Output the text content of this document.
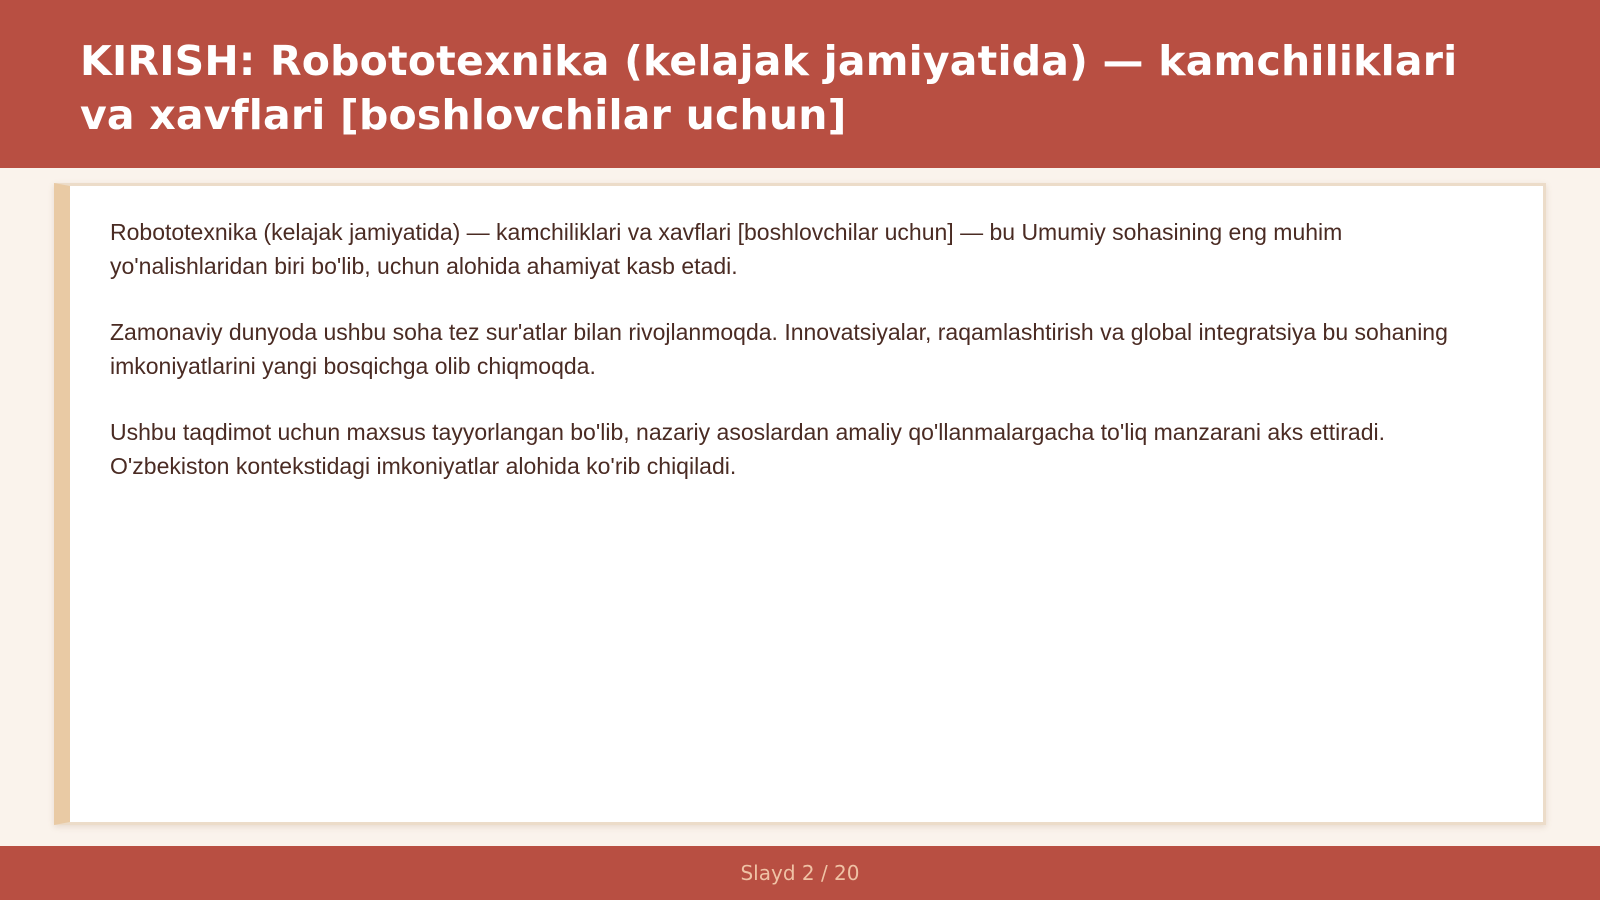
KIRISH: Robototexnika (kelajak jamiyatida) — kamchiliklari va xavflari [boshlovchilar uchun]

Robototexnika (kelajak jamiyatida) — kamchiliklari va xavflari [boshlovchilar uchun] — bu Umumiy sohasining eng muhim yo'nalishlaridan biri bo'lib, uchun alohida ahamiyat kasb etadi.

Zamonaviy dunyoda ushbu soha tez sur'atlar bilan rivojlanmoqda. Innovatsiyalar, raqamlashtirish va global integratsiya bu sohaning imkoniyatlarini yangi bosqichga olib chiqmoqda.

Ushbu taqdimot uchun maxsus tayyorlangan bo'lib, nazariy asoslardan amaliy qo'llanmalargacha to'liq manzarani aks ettiradi. O'zbekiston kontekstidagi imkoniyatlar alohida ko'rib chiqiladi.

Slayd 2 / 20
